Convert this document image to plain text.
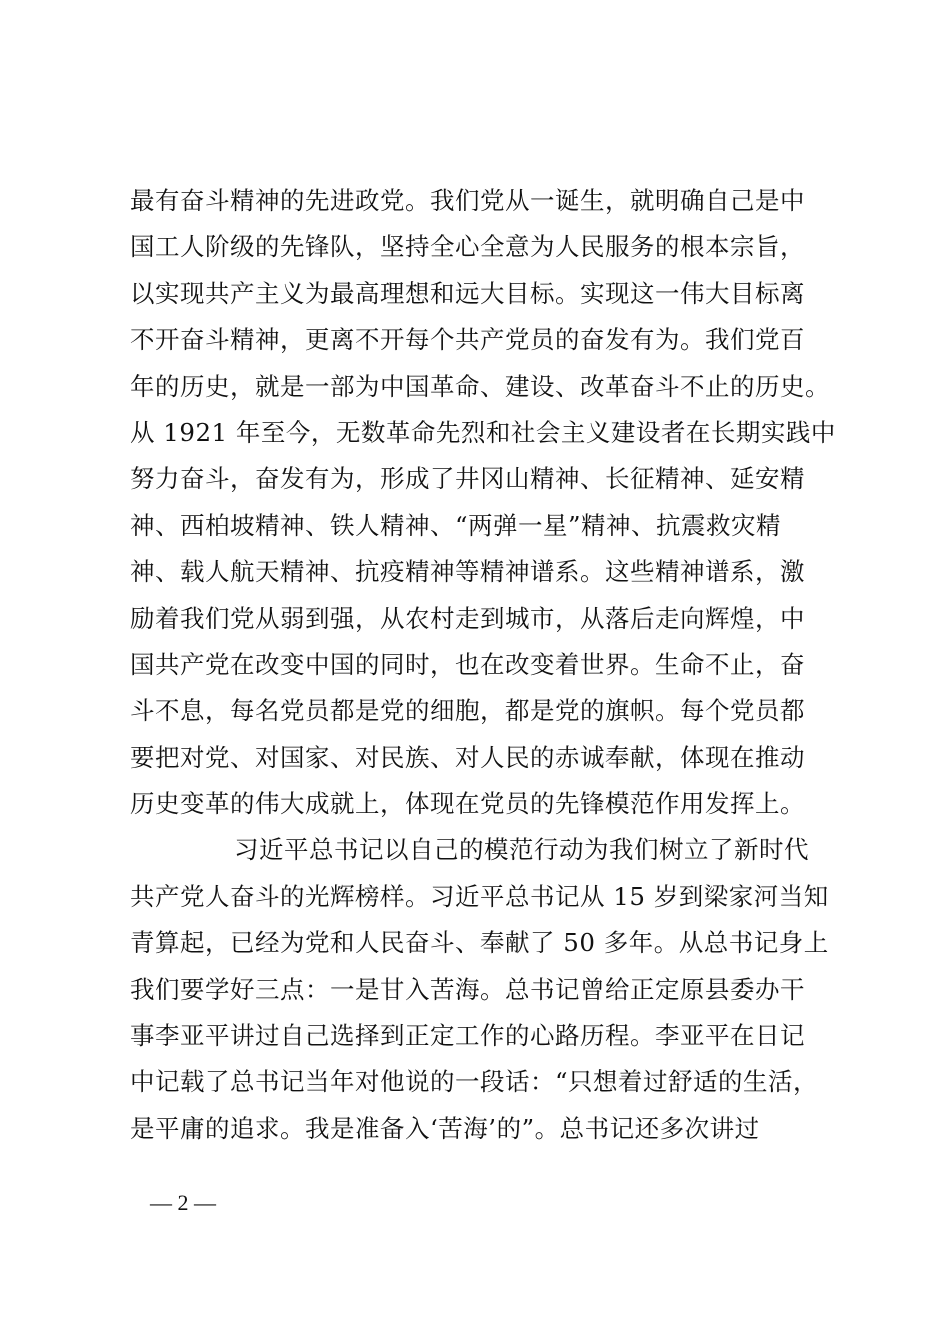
最有奋斗精神的先进政党。我们党从一诞生，就明确自己是中
国工人阶级的先锋队，坚持全心全意为人民服务的根本宗旨，
以实现共产主义为最高理想和远大目标。实现这一伟大目标离
不开奋斗精神，更离不开每个共产党员的奋发有为。我们党百
年的历史，就是一部为中国革命、建设、改革奋斗不止的历史。
从 1921 年至今，无数革命先烈和社会主义建设者在长期实践中
努力奋斗，奋发有为，形成了井冈山精神、长征精神、延安精
神、西柏坡精神、铁人精神、“两弹一星”精神、抗震救灾精
神、载人航天精神、抗疫精神等精神谱系。这些精神谱系，激
励着我们党从弱到强，从农村走到城市，从落后走向辉煌，中
国共产党在改变中国的同时，也在改变着世界。生命不止，奋
斗不息，每名党员都是党的细胞，都是党的旗帜。每个党员都
要把对党、对国家、对民族、对人民的赤诚奉献，体现在推动
历史变革的伟大成就上，体现在党员的先锋模范作用发挥上。
习近平总书记以自己的模范行动为我们树立了新时代
共产党人奋斗的光辉榜样。习近平总书记从 15 岁到梁家河当知
青算起，已经为党和人民奋斗、奉献了 50 多年。从总书记身上
我们要学好三点：一是甘入苦海。总书记曾给正定原县委办干
事李亚平讲过自己选择到正定工作的心路历程。李亚平在日记
中记载了总书记当年对他说的一段话：“只想着过舒适的生活，
是平庸的追求。我是准备入‘苦海’的”。总书记还多次讲过
— 2 —
